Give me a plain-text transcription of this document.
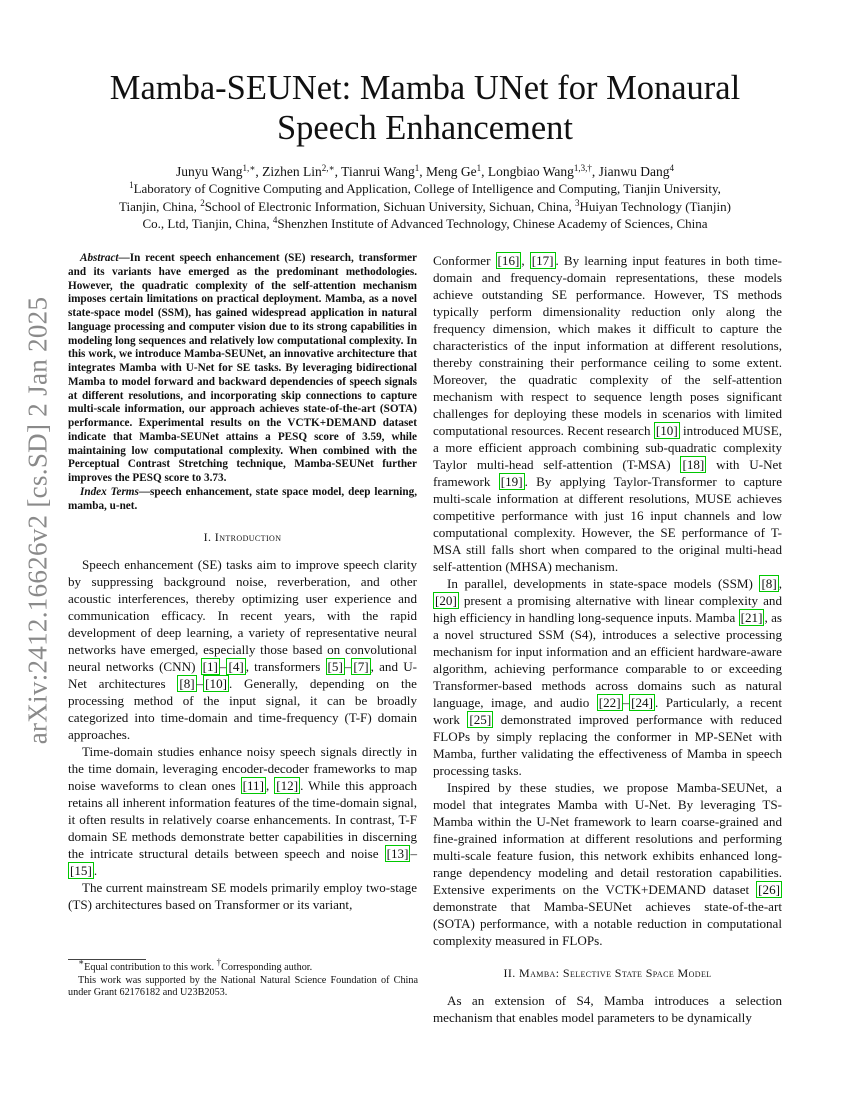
arXiv:2412.16626v2 [cs.SD] 2 Jan 2025
Mamba-SEUNet: Mamba UNet for Monaural
Speech Enhancement
Junyu Wang$^{1,∗}$, Zizhen Lin$^{2,∗}$, Tianrui Wang$^1$, Meng Ge$^1$, Longbiao Wang$^{1,3,\dagger}$, Jianwu Dang$^4$
$^1$Laboratory of Cognitive Computing and Application, College of Intelligence and Computing, Tianjin University,
Tianjin, China, $^2$School of Electronic Information, Sichuan University, Sichuan, China, $^3$Huiyan Technology (Tianjin)
Co., Ltd, Tianjin, China, $^4$Shenzhen Institute of Advanced Technology, Chinese Academy of Sciences, China

Abstract—In recent speech enhancement (SE) research, transformer and its variants have emerged as the predominant methodologies. However, the quadratic complexity of the self-attention mechanism imposes certain limitations on practical deployment. Mamba, as a novel state-space model (SSM), has gained widespread application in natural language processing and computer vision due to its strong capabilities in modeling long sequences and relatively low computational complexity. In this work, we introduce Mamba-SEUNet, an innovative architecture that integrates Mamba with U-Net for SE tasks. By leveraging bidirectional Mamba to model forward and backward dependencies of speech signals at different resolutions, and incorporating skip connections to capture multi-scale information, our approach achieves state-of-the-art (SOTA) performance. Experimental results on the VCTK+DEMAND dataset indicate that Mamba-SEUNet attains a PESQ score of 3.59, while maintaining low computational complexity. When combined with the Perceptual Contrast Stretching technique, Mamba-SEUNet further improves the PESQ score to 3.73.

Index Terms—speech enhancement, state space model, deep learning, mamba, u-net.

I. Introduction

Speech enhancement (SE) tasks aim to improve speech clarity by suppressing background noise, reverberation, and other acoustic interferences, thereby optimizing user experience and communication efficacy. In recent years, with the rapid development of deep learning, a variety of representative neural networks have emerged, especially those based on convolutional neural networks (CNN) [1] – [4] , transformers [5] – [7] , and U-Net architectures [8] – [10] . Generally, depending on the processing method of the input signal, it can be broadly categorized into time-domain and time-frequency (T-F) domain approaches.

Time-domain studies enhance noisy speech signals directly in the time domain, leveraging encoder-decoder frameworks to map noise waveforms to clean ones [11] , [12] . While this approach retains all inherent information features of the time-domain signal, it often results in relatively coarse enhancements. In contrast, T-F domain SE methods demonstrate better capabilities in discerning the intricate structural details between speech and noise [13] –[15] .

The current mainstream SE models primarily employ two-stage (TS) architectures based on Transformer or its variant,

∗Equal contribution to this work. †Corresponding author.

This work was supported by the National Natural Science Foundation of China under Grant 62176182 and U23B2053.

Conformer [16] , [17] . By learning input features in both time-domain and frequency-domain representations, these models achieve outstanding SE performance. However, TS methods typically perform dimensionality reduction only along the frequency dimension, which makes it difficult to capture the characteristics of the input information at different resolutions, thereby constraining their performance ceiling to some extent. Moreover, the quadratic complexity of the self-attention mechanism with respect to sequence length poses significant challenges for deploying these models in scenarios with limited computational resources. Recent research [10] introduced MUSE, a more efficient approach combining sub-quadratic complexity Taylor multi-head self-attention (T-MSA) [18] with U-Net framework [19] . By applying Taylor-Transformer to capture multi-scale information at different resolutions, MUSE achieves competitive performance with just 16 input channels and low computational complexity. However, the SE performance of T-MSA still falls short when compared to the original multi-head self-attention (MHSA) mechanism.

In parallel, developments in state-space models (SSM) [8] , [20] present a promising alternative with linear complexity and high efficiency in handling long-sequence inputs. Mamba [21] , as a novel structured SSM (S4), introduces a selective processing mechanism for input information and an efficient hardware-aware algorithm, achieving performance comparable to or exceeding Transformer-based methods across domains such as natural language, image, and audio [22] – [24] . Particularly, a recent work [25] demonstrated improved performance with reduced FLOPs by simply replacing the conformer in MP-SENet with Mamba, further validating the effectiveness of Mamba in speech processing tasks.

Inspired by these studies, we propose Mamba-SEUNet, a model that integrates Mamba with U-Net. By leveraging TS-Mamba within the U-Net framework to learn coarse-grained and fine-grained information at different resolutions and performing multi-scale feature fusion, this network exhibits enhanced long-range dependency modeling and detail restoration capabilities. Extensive experiments on the VCTK+DEMAND dataset [26] demonstrate that Mamba-SEUNet achieves state-of-the-art (SOTA) performance, with a notable reduction in computational complexity measured in FLOPs.

II. Mamba: Selective State Space Model

As an extension of S4, Mamba introduces a selection mechanism that enables model parameters to be dynamically
